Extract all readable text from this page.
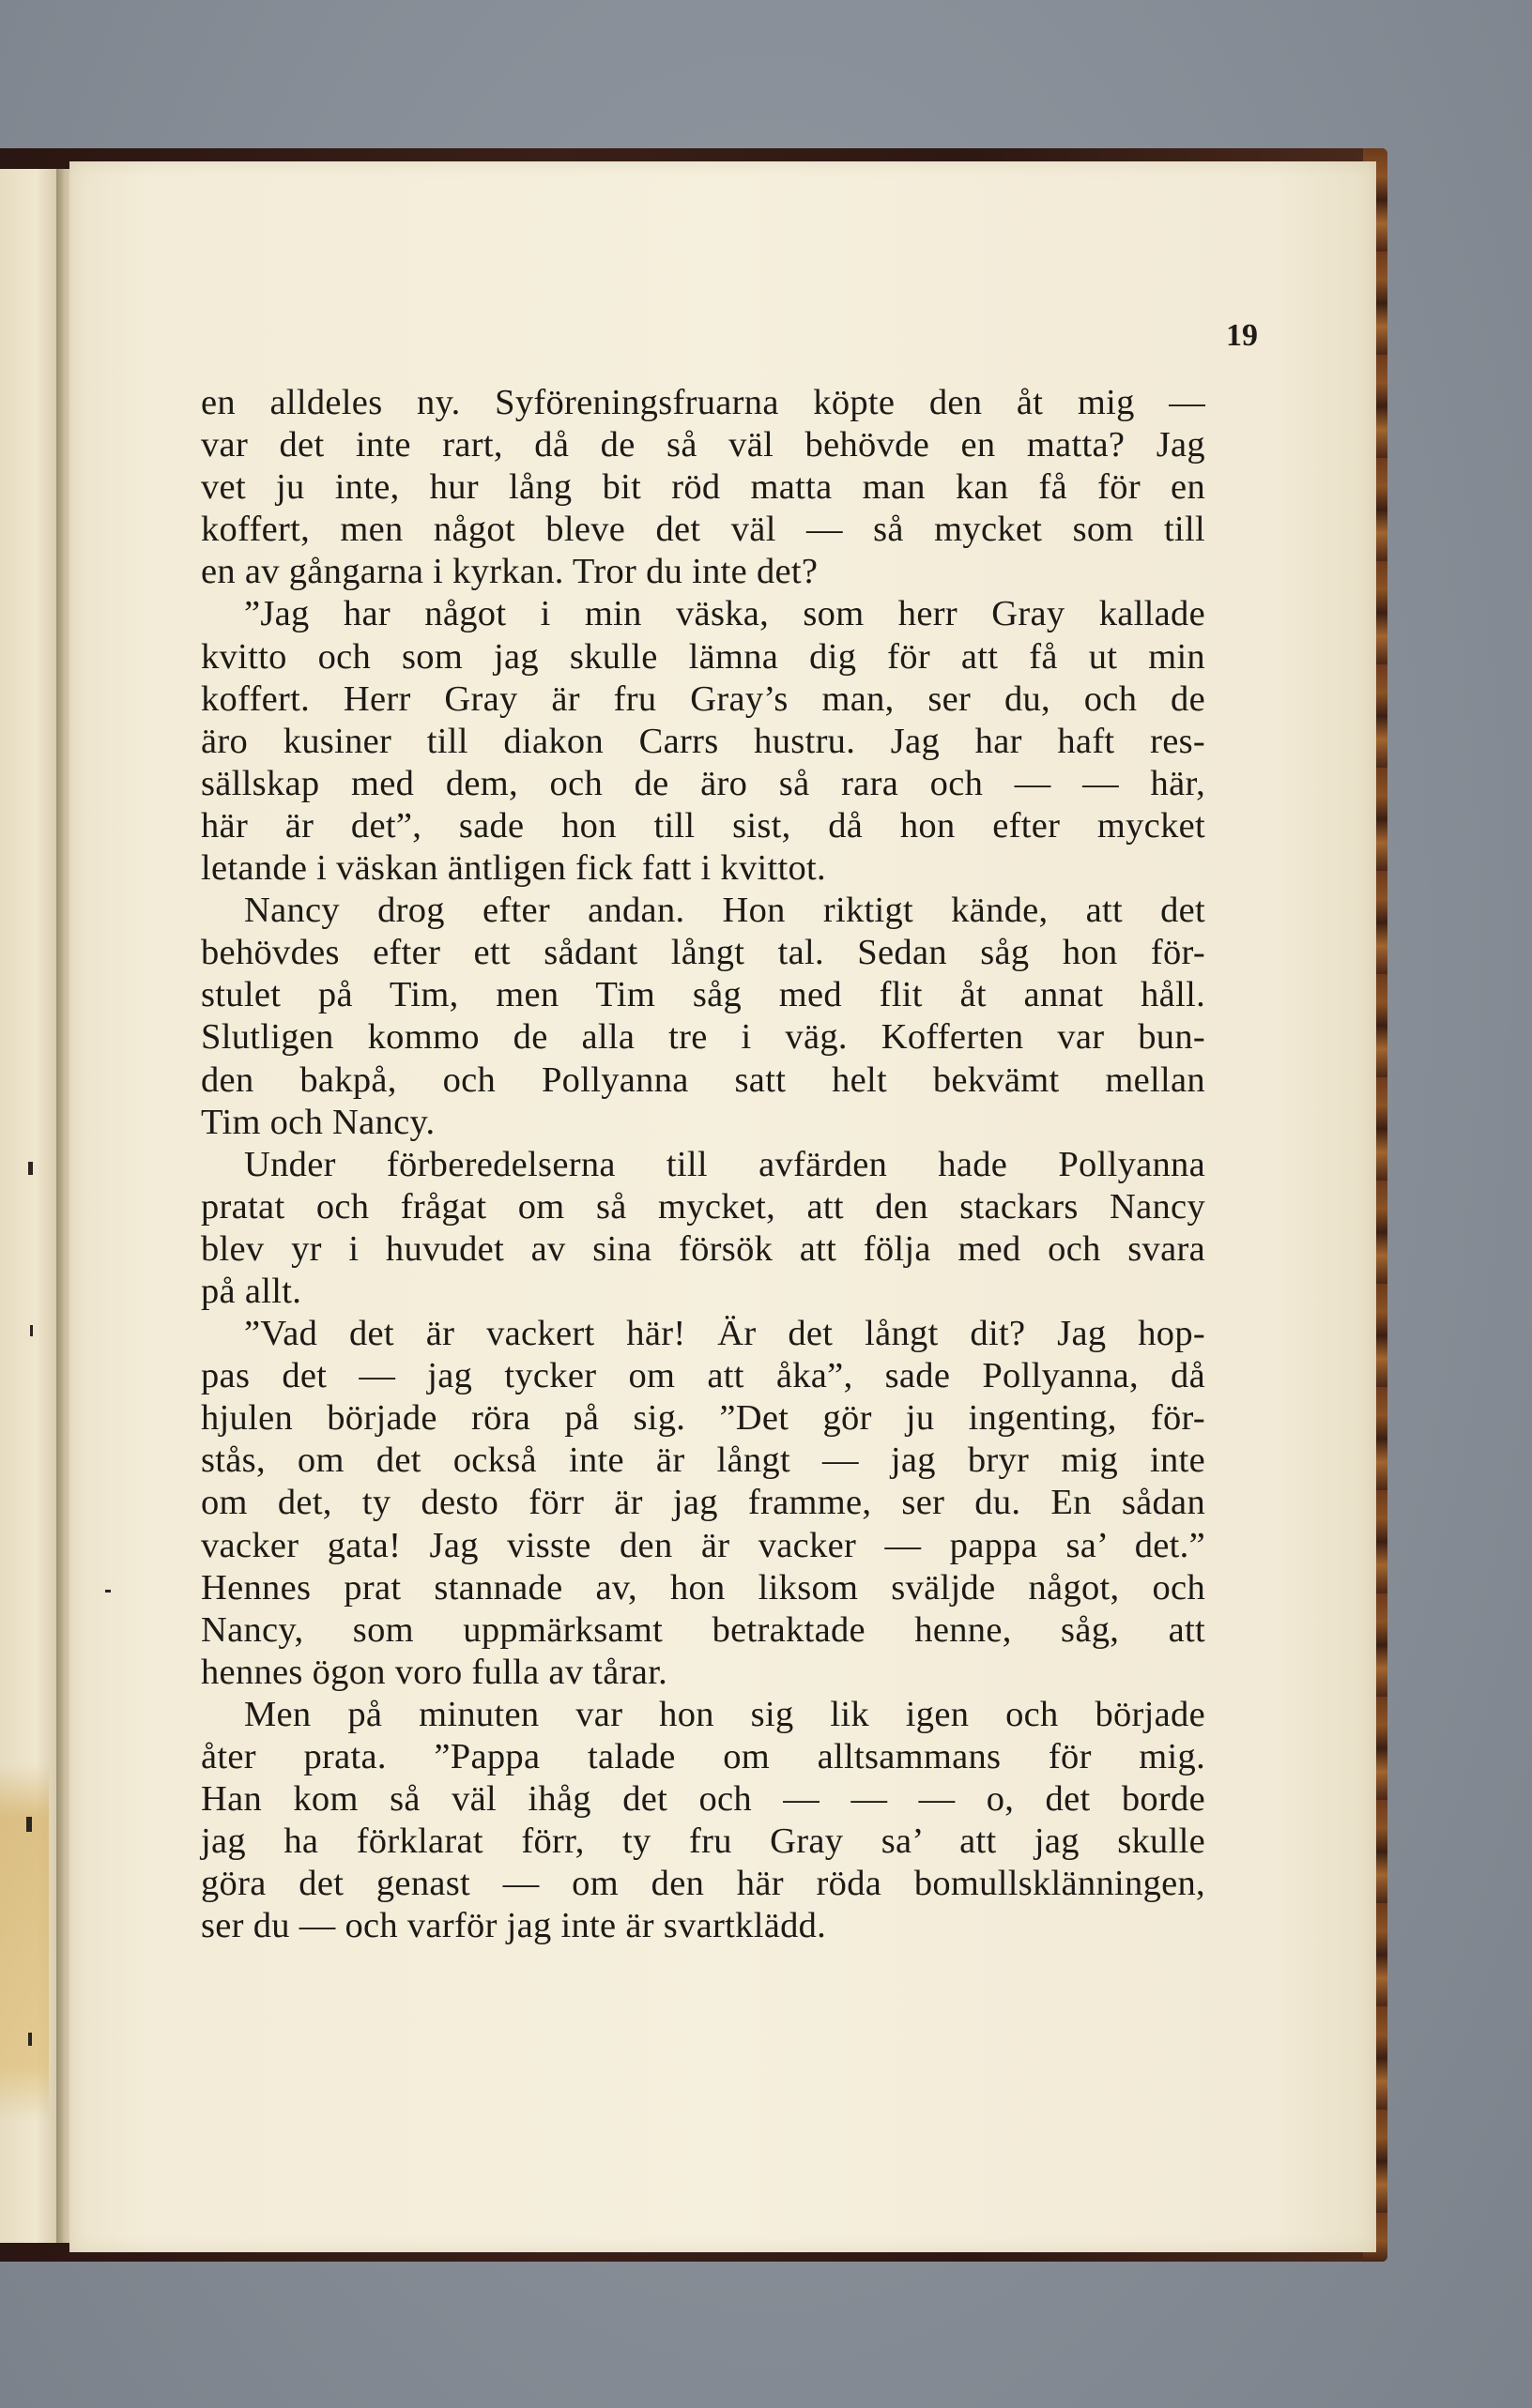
19
en alldeles ny. Syföreningsfruarna köpte den åt mig —
var det inte rart, då de så väl behövde en matta? Jag
vet ju inte, hur lång bit röd matta man kan få för en
koffert, men något bleve det väl — så mycket som till
en av gångarna i kyrkan. Tror du inte det?
”Jag har något i min väska, som herr Gray kallade
kvitto och som jag skulle lämna dig för att få ut min
koffert. Herr Gray är fru Gray’s man, ser du, och de
äro kusiner till diakon Carrs hustru. Jag har haft res-
sällskap med dem, och de äro så rara och — — här,
här är det”, sade hon till sist, då hon efter mycket
letande i väskan äntligen fick fatt i kvittot.
Nancy drog efter andan. Hon riktigt kände, att det
behövdes efter ett sådant långt tal. Sedan såg hon för-
stulet på Tim, men Tim såg med flit åt annat håll.
Slutligen kommo de alla tre i väg. Kofferten var bun-
den bakpå, och Pollyanna satt helt bekvämt mellan
Tim och Nancy.
Under förberedelserna till avfärden hade Pollyanna
pratat och frågat om så mycket, att den stackars Nancy
blev yr i huvudet av sina försök att följa med och svara
på allt.
”Vad det är vackert här! Är det långt dit? Jag hop-
pas det — jag tycker om att åka”, sade Pollyanna, då
hjulen började röra på sig. ”Det gör ju ingenting, för-
stås, om det också inte är långt — jag bryr mig inte
om det, ty desto förr är jag framme, ser du. En sådan
vacker gata! Jag visste den är vacker — pappa sa’ det.”
Hennes prat stannade av, hon liksom sväljde något, och
Nancy, som uppmärksamt betraktade henne, såg, att
hennes ögon voro fulla av tårar.
Men på minuten var hon sig lik igen och började
åter prata. ”Pappa talade om alltsammans för mig.
Han kom så väl ihåg det och — — — o, det borde
jag ha förklarat förr, ty fru Gray sa’ att jag skulle
göra det genast — om den här röda bomullsklänningen,
ser du — och varför jag inte är svartklädd.
